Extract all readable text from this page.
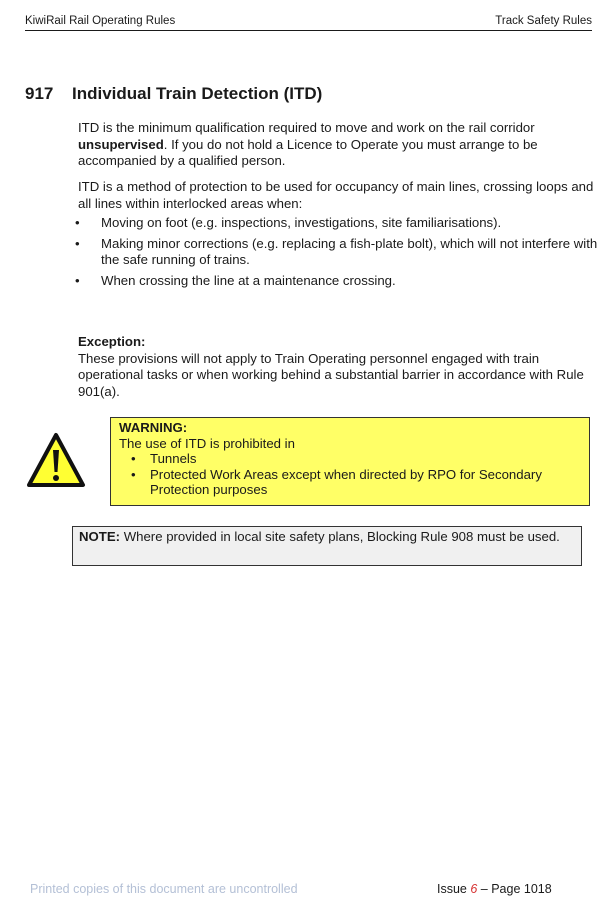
KiwiRail Rail Operating Rules	Track Safety Rules
917 Individual Train Detection (ITD)
ITD is the minimum qualification required to move and work on the rail corridor unsupervised. If you do not hold a Licence to Operate you must arrange to be accompanied by a qualified person.
ITD is a method of protection to be used for occupancy of main lines, crossing loops and all lines within interlocked areas when:
• Moving on foot (e.g. inspections, investigations, site familiarisations).
• Making minor corrections (e.g. replacing a fish-plate bolt), which will not interfere with the safe running of trains.
• When crossing the line at a maintenance crossing.
Exception:
These provisions will not apply to Train Operating personnel engaged with train operational tasks or when working behind a substantial barrier in accordance with Rule 901(a).
WARNING:
The use of ITD is prohibited in
• Tunnels
• Protected Work Areas except when directed by RPO for Secondary Protection purposes
NOTE: Where provided in local site safety plans, Blocking Rule 908 must be used.
Printed copies of this document are uncontrolled	Issue 6 – Page 1018
